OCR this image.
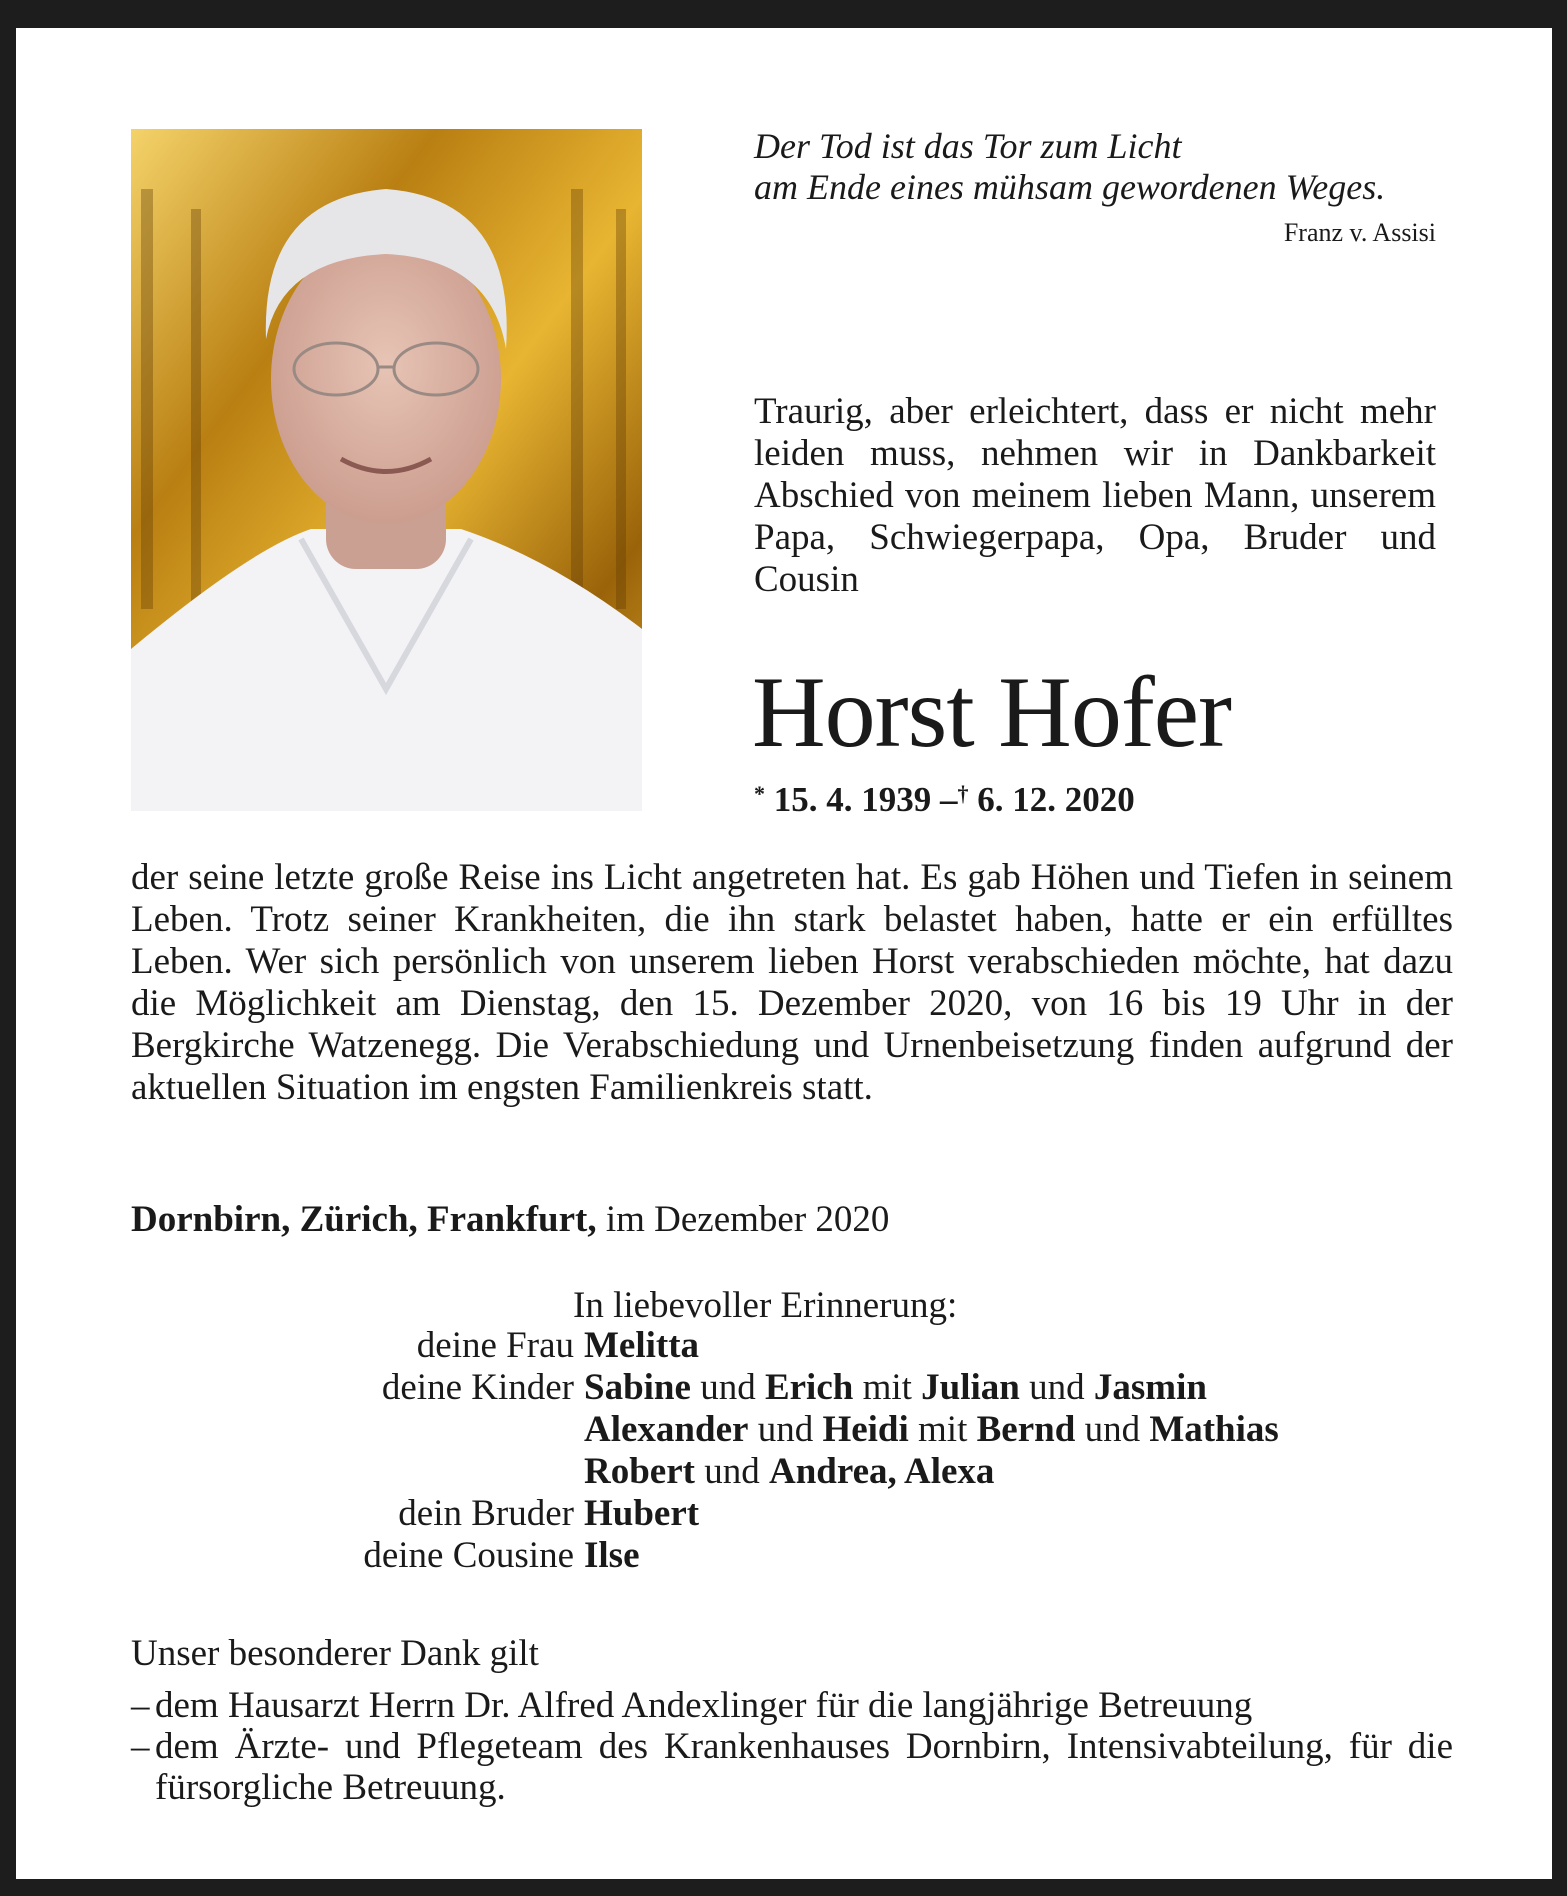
Der Tod ist das Tor zum Licht
am Ende eines mühsam gewordenen Weges.
Franz v. Assisi
Traurig, aber erleichtert, dass er nicht mehr leiden muss, nehmen wir in Dankbarkeit Abschied von meinem lieben Mann, unserem Papa, Schwiegerpapa, Opa, Bruder und Cousin
Horst Hofer
* 15. 4. 1939 –† 6. 12. 2020
der seine letzte große Reise ins Licht angetreten hat. Es gab Höhen und Tiefen in seinem Leben. Trotz seiner Krankheiten, die ihn stark belastet haben, hatte er ein erfülltes Leben. Wer sich persönlich von unserem lieben Horst verabschieden möchte, hat dazu die Möglichkeit am Dienstag, den 15. Dezember 2020, von 16 bis 19 Uhr in der Bergkirche Watzenegg. Die Verabschiedung und Urnenbeisetzung finden aufgrund der aktuellen Situation im engsten Familienkreis statt.
Dornbirn, Zürich, Frankfurt, im Dezember 2020
In liebevoller Erinnerung:
deine Frau Melitta
deine Kinder Sabine und Erich mit Julian und Jasmin
Alexander und Heidi mit Bernd und Mathias
Robert und Andrea, Alexa
dein Bruder Hubert
deine Cousine Ilse
Unser besonderer Dank gilt
– dem Hausarzt Herrn Dr. Alfred Andexlinger für die langjährige Betreuung
– dem Ärzte- und Pflegeteam des Krankenhauses Dornbirn, Intensivabteilung, für die fürsorgliche Betreuung.
